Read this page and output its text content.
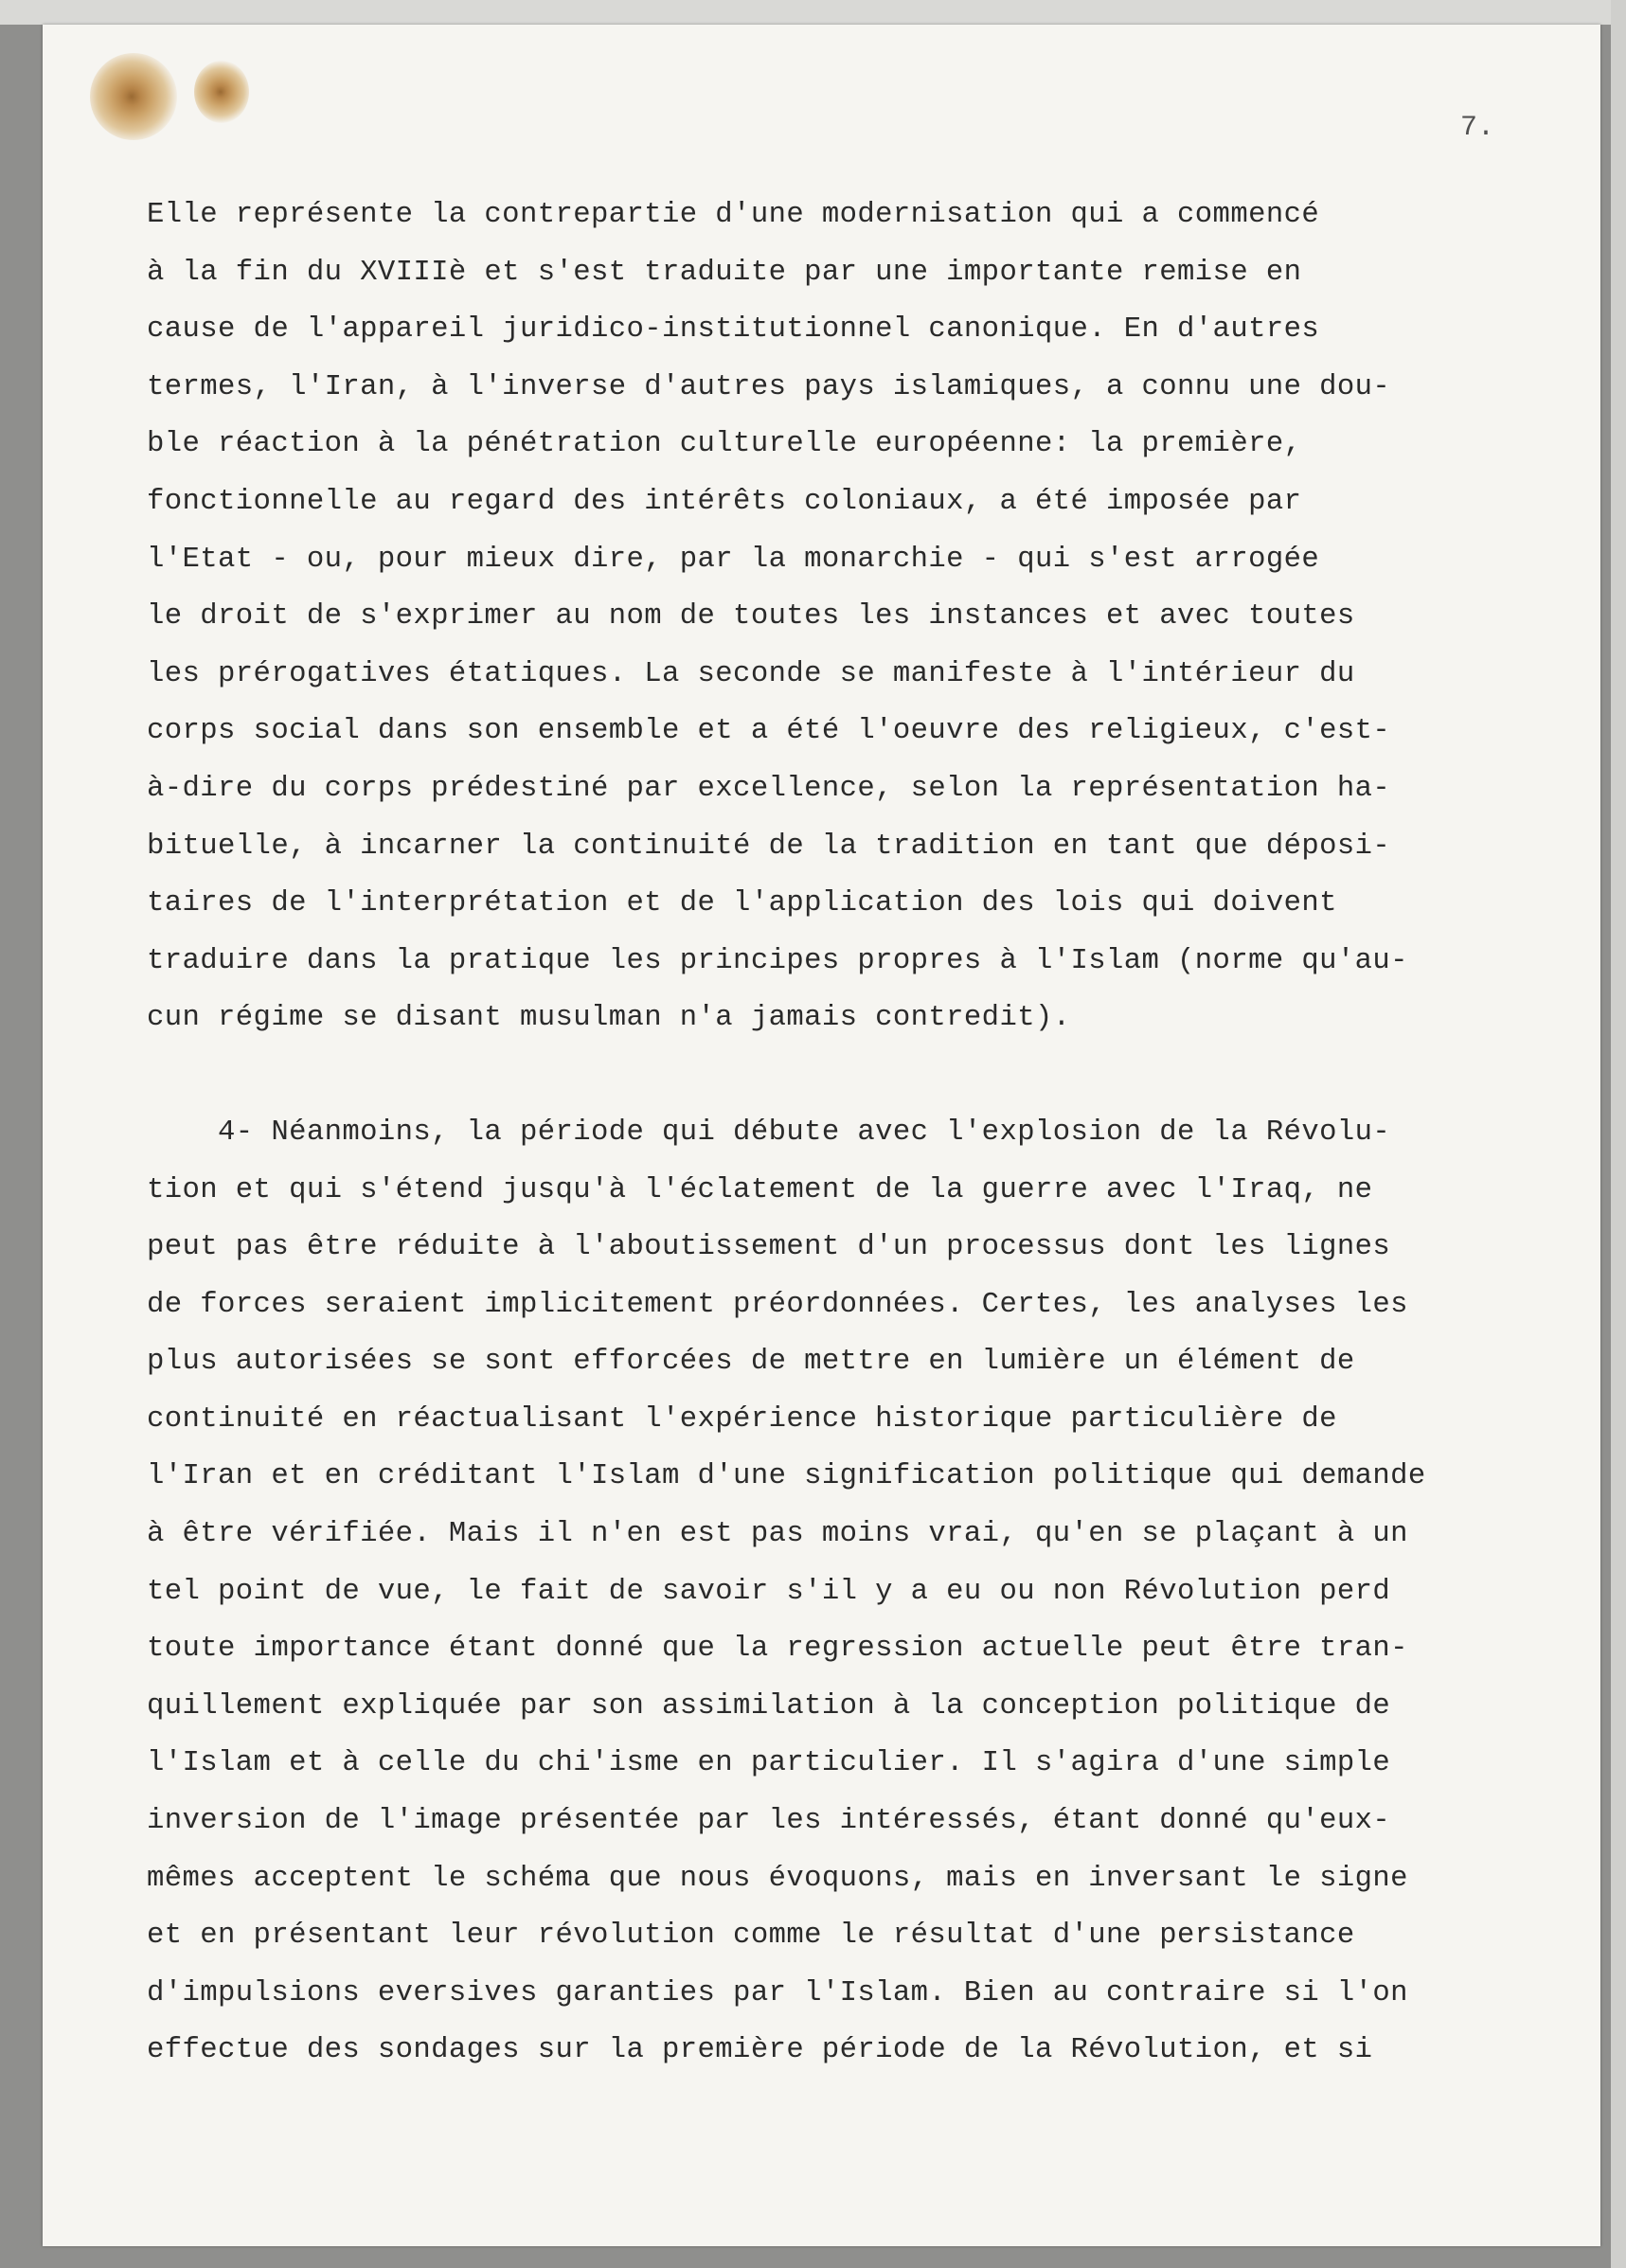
7.
Elle représente la contrepartie d'une modernisation qui a commencé
à la fin du XVIIIè et s'est traduite par une importante remise en
cause de l'appareil juridico-institutionnel canonique. En d'autres
termes, l'Iran, à l'inverse d'autres pays islamiques, a connu une dou-
ble réaction à la pénétration culturelle européenne: la première,
fonctionnelle au regard des intérêts coloniaux, a été imposée par
l'Etat - ou, pour mieux dire, par la monarchie - qui s'est arrogée
le droit de s'exprimer au nom de toutes les instances et avec toutes
les prérogatives étatiques. La seconde se manifeste à l'intérieur du
corps social dans son ensemble et a été l'oeuvre des religieux, c'est-
à-dire du corps prédestiné par excellence, selon la représentation ha-
bituelle, à incarner la continuité de la tradition en tant que déposi-
taires de l'interprétation et de l'application des lois qui doivent
traduire dans la pratique les principes propres à l'Islam (norme qu'au-
cun régime se disant musulman n'a jamais contredit).
4- Néanmoins, la période qui débute avec l'explosion de la Révolu-
tion et qui s'étend jusqu'à l'éclatement de la guerre avec l'Iraq, ne
peut pas être réduite à l'aboutissement d'un processus dont les lignes
de forces seraient implicitement préordonnées. Certes, les analyses les
plus autorisées se sont efforcées de mettre en lumière un élément de
continuité en réactualisant l'expérience historique particulière de
l'Iran et en créditant l'Islam d'une signification politique qui demande
à être vérifiée. Mais il n'en est pas moins vrai, qu'en se plaçant à un
tel point de vue, le fait de savoir s'il y a eu ou non Révolution perd
toute importance étant donné que la regression actuelle peut être tran-
quillement expliquée par son assimilation à la conception politique de
l'Islam et à celle du chi'isme en particulier. Il s'agira d'une simple
inversion de l'image présentée par les intéressés, étant donné qu'eux-
mêmes acceptent le schéma que nous évoquons, mais en inversant le signe
et en présentant leur révolution comme le résultat d'une persistance
d'impulsions eversives garanties par l'Islam. Bien au contraire si l'on
effectue des sondages sur la première période de la Révolution, et si
